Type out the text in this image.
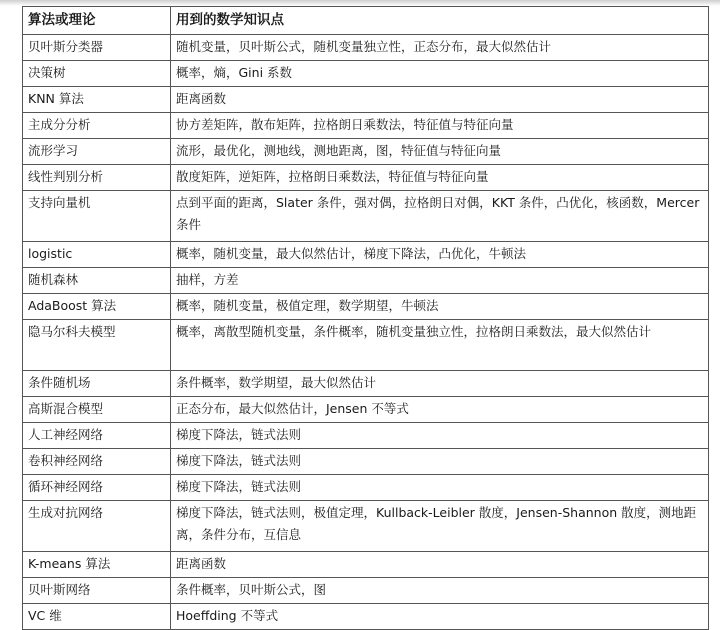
算法或理论	用到的数学知识点
贝叶斯分类器	随机变量，贝叶斯公式，随机变量独立性，正态分布，最大似然估计
决策树	概率，熵，Gini 系数
KNN 算法	距离函数
主成分分析	协方差矩阵，散布矩阵，拉格朗日乘数法，特征值与特征向量
流形学习	流形，最优化，测地线，测地距离，图，特征值与特征向量
线性判别分析	散度矩阵，逆矩阵，拉格朗日乘数法，特征值与特征向量
支持向量机	点到平面的距离，Slater 条件，强对偶，拉格朗日对偶，KKT 条件，凸优化，核函数，Mercer 条件

logistic	概率，随机变量，最大似然估计，梯度下降法，凸优化，牛顿法
随机森林	抽样，方差
AdaBoost 算法	概率，随机变量，极值定理，数学期望，牛顿法
隐马尔科夫模型	概率，离散型随机变量，条件概率，随机变量独立性，拉格朗日乘数法，最大似然估计

条件随机场	条件概率，数学期望，最大似然估计
高斯混合模型	正态分布，最大似然估计，Jensen 不等式
人工神经网络	梯度下降法，链式法则
卷积神经网络	梯度下降法，链式法则
循环神经网络	梯度下降法，链式法则
生成对抗网络	梯度下降法，链式法则，极值定理，Kullback-Leibler 散度，Jensen-Shannon 散度，测地距离，条件分布，互信息

K-means 算法	距离函数
贝叶斯网络	条件概率，贝叶斯公式，图
VC 维	Hoeffding 不等式
